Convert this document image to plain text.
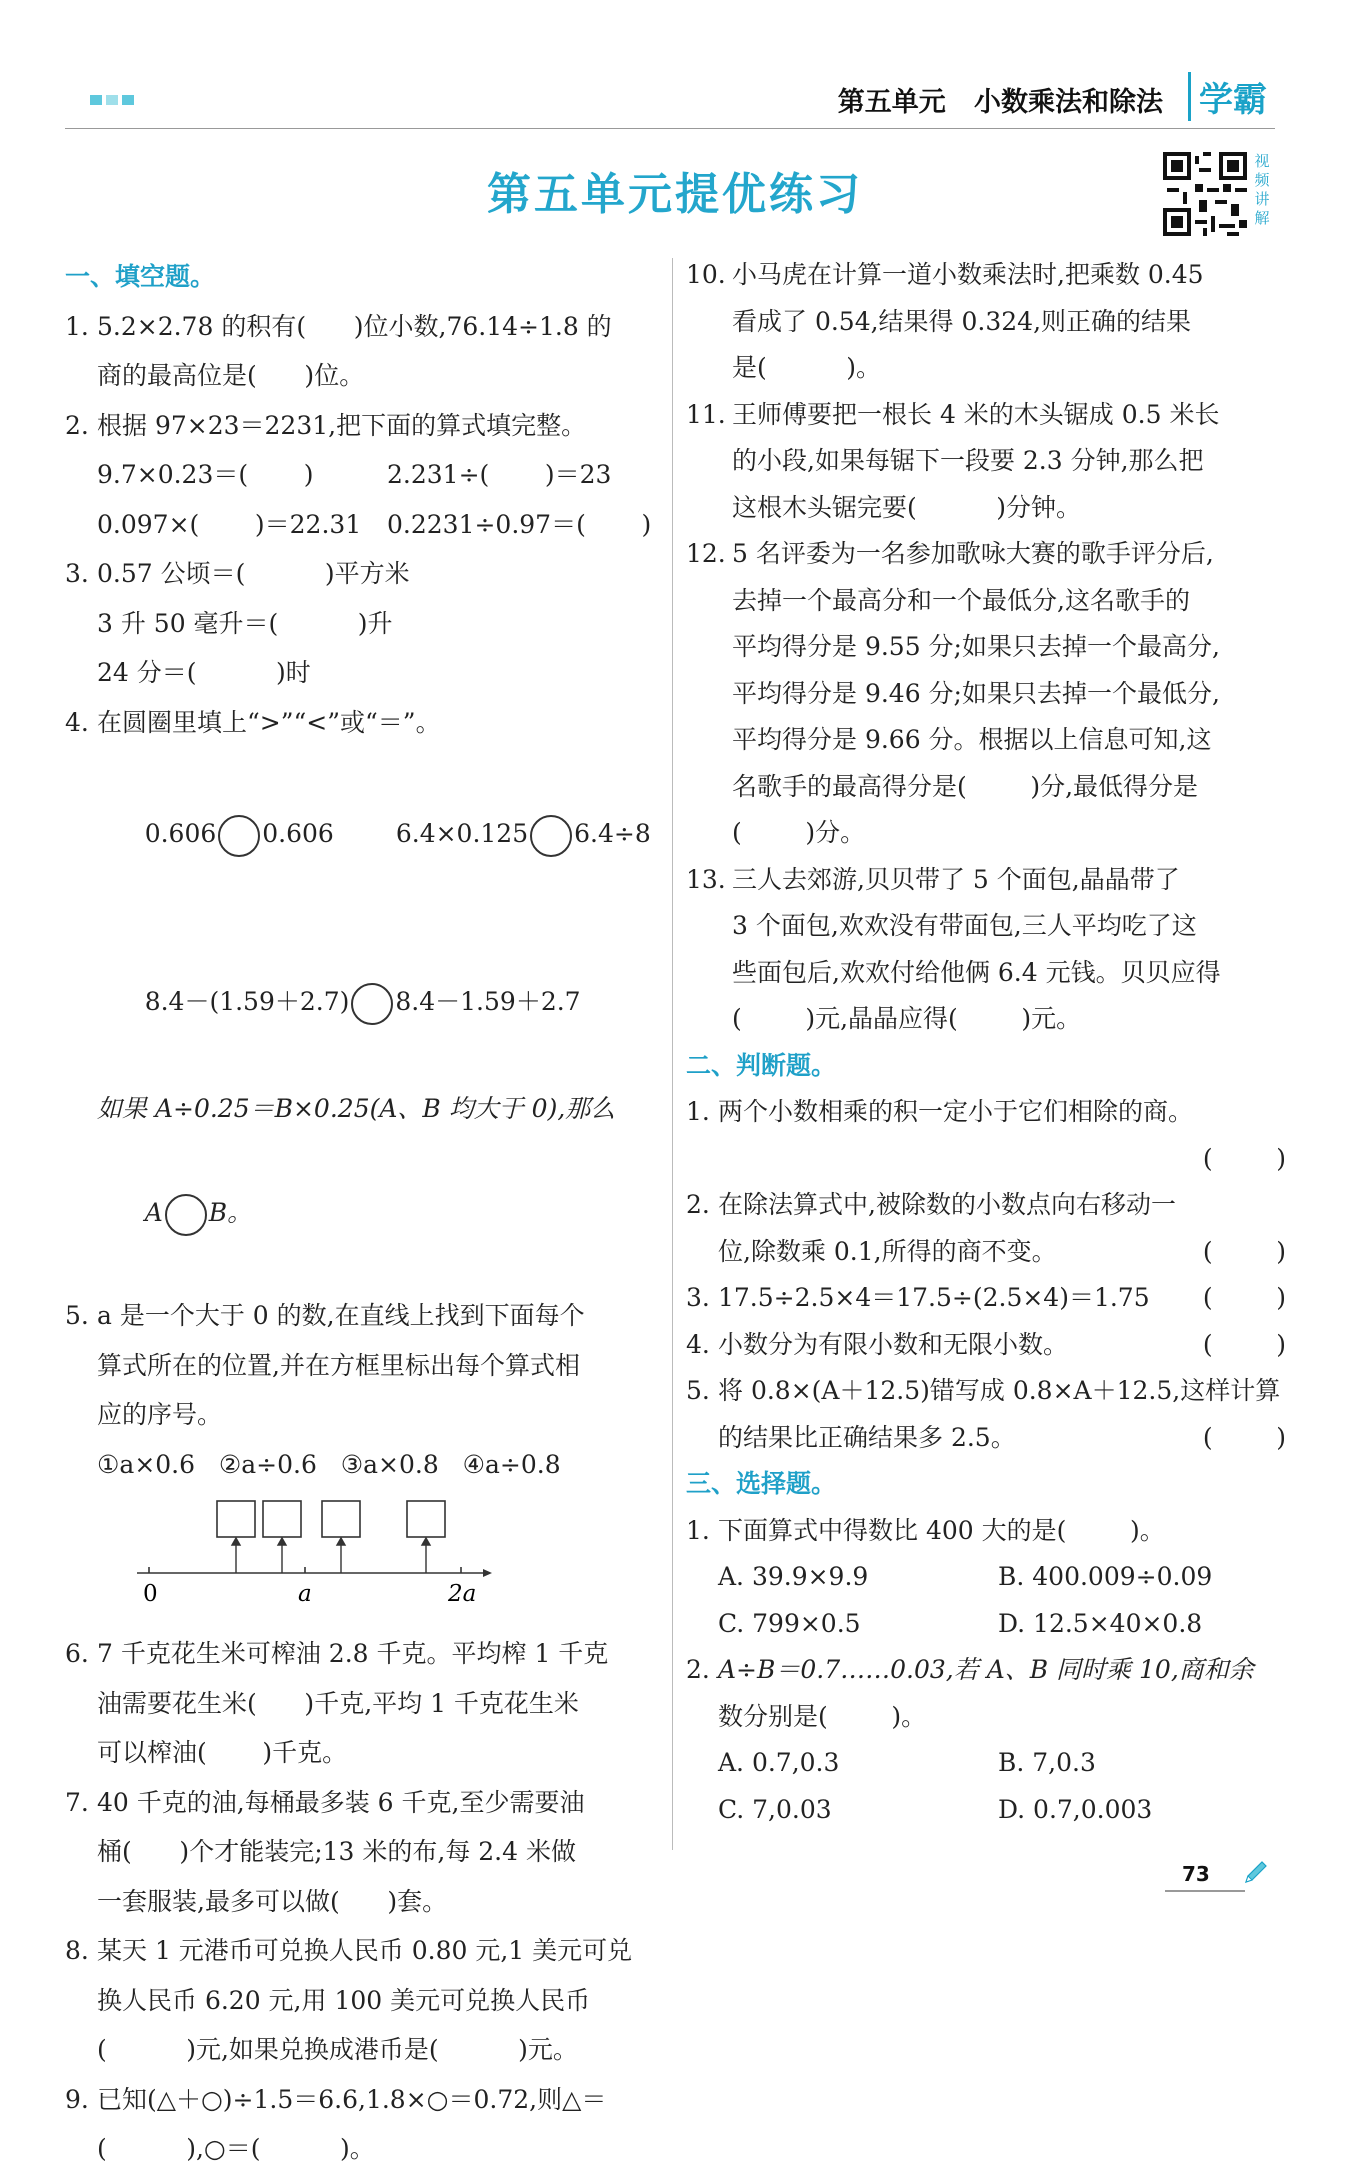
第五单元   小数乘法和除法	学霸
第五单元提优练习
视频讲解
一、填空题。
1. 5.2×2.78 的积有(      )位小数,76.14÷1.8 的
商的最高位是(      )位。
2. 根据 97×23＝2231,把下面的算式填完整。
9.7×0.23＝(       )	2.231÷(       )＝23
0.097×(       )＝22.31	0.2231÷0.97＝(       )
3. 0.57 公顷＝(          )平方米
3 升 50 毫升＝(          )升
24 分＝(          )时
4. 在圆圈里填上“>”“<”或“＝”。

0.606 0.606 6.4×0.125 6.4÷8

8.4－(1.59＋2.7) 8.4－1.59＋2.7

如果 A÷0.25＝B×0.25(A、B 均大于 0),那么

A B。

5. a 是一个大于 0 的数,在直线上找到下面每个
算式所在的位置,并在方框里标出每个算式相
应的序号。
①a×0.6   ②a÷0.6   ③a×0.8   ④a÷0.8
0	a	2a
6. 7 千克花生米可榨油 2.8 千克。平均榨 1 千克
油需要花生米(      )千克,平均 1 千克花生米
可以榨油(       )千克。
7. 40 千克的油,每桶最多装 6 千克,至少需要油
桶(      )个才能装完;13 米的布,每 2.4 米做
一套服装,最多可以做(      )套。
8. 某天 1 元港币可兑换人民币 0.80 元,1 美元可兑
换人民币 6.20 元,用 100 美元可兑换人民币
(          )元,如果兑换成港币是(          )元。
9. 已知(△＋○)÷1.5＝6.6,1.8×○＝0.72,则△＝
(          ),○＝(          )。
10. 小马虎在计算一道小数乘法时,把乘数 0.45
看成了 0.54,结果得 0.324,则正确的结果
是(          )。
11. 王师傅要把一根长 4 米的木头锯成 0.5 米长
的小段,如果每锯下一段要 2.3 分钟,那么把
这根木头锯完要(          )分钟。
12. 5 名评委为一名参加歌咏大赛的歌手评分后,
去掉一个最高分和一个最低分,这名歌手的
平均得分是 9.55 分;如果只去掉一个最高分,
平均得分是 9.46 分;如果只去掉一个最低分,
平均得分是 9.66 分。根据以上信息可知,这
名歌手的最高得分是(        )分,最低得分是
(        )分。
13. 三人去郊游,贝贝带了 5 个面包,晶晶带了
3 个面包,欢欢没有带面包,三人平均吃了这
些面包后,欢欢付给他俩 6.4 元钱。贝贝应得
(        )元,晶晶应得(        )元。
二、判断题。
1. 两个小数相乘的积一定小于它们相除的商。
(        )
2. 在除法算式中,被除数的小数点向右移动一
位,除数乘 0.1,所得的商不变。	(        )
3. 17.5÷2.5×4＝17.5÷(2.5×4)＝1.75 (        )
4. 小数分为有限小数和无限小数。	(        )
5. 将 0.8×(A＋12.5)错写成 0.8×A＋12.5,这样计算
的结果比正确结果多 2.5。	(        )
三、选择题。
1. 下面算式中得数比 400 大的是(        )。
A. 39.9×9.9	B. 400.009÷0.09
C. 799×0.5	D. 12.5×40×0.8
2. A÷B＝0.7……0.03,若 A、B 同时乘 10,商和余
数分别是(        )。
A. 0.7,0.3	B. 7,0.3
C. 7,0.03	D. 0.7,0.003
73
